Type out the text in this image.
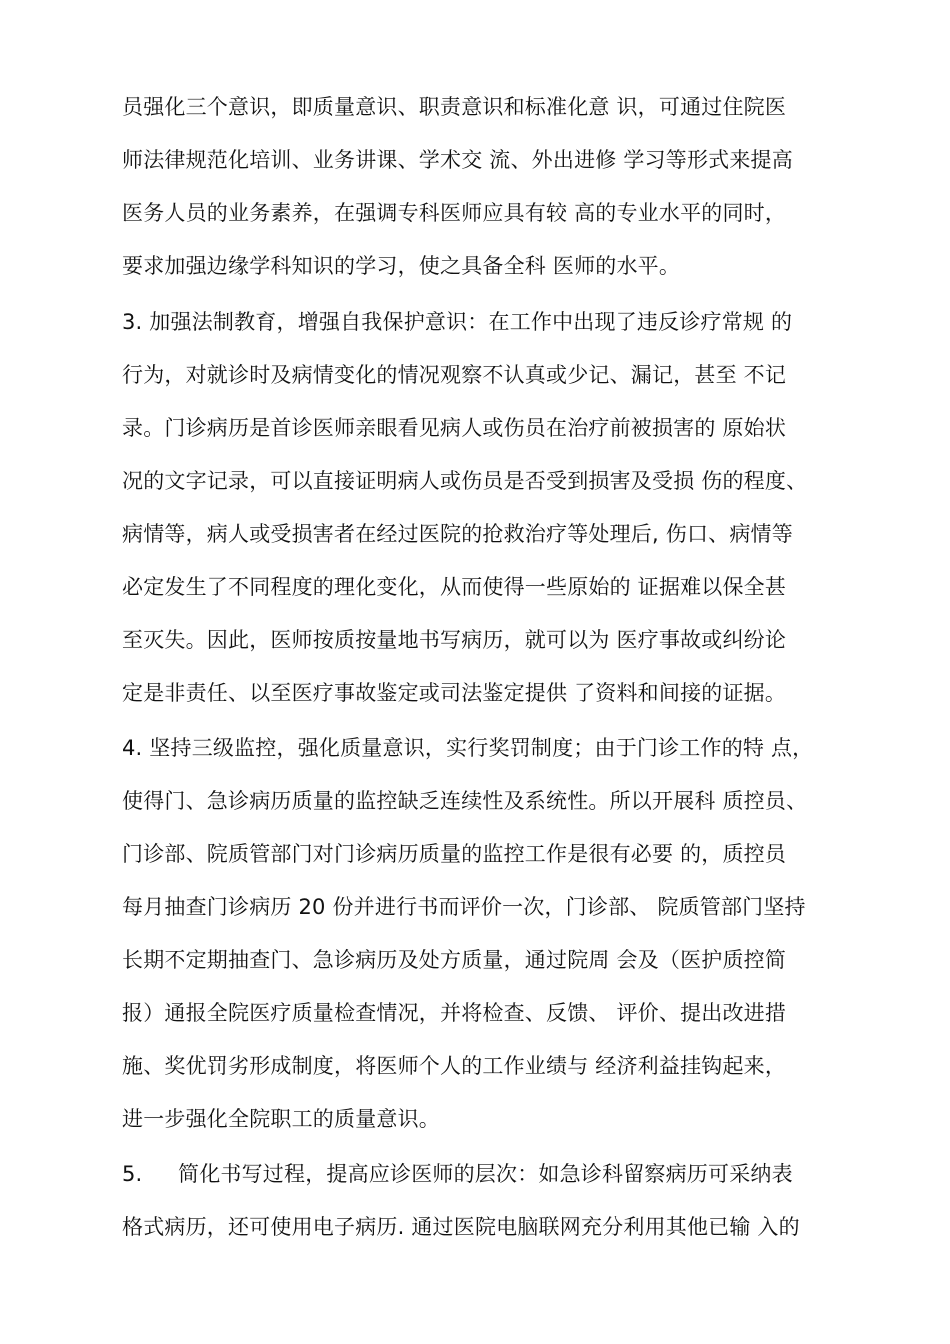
员强化三个意识，即质量意识、职责意识和标准化意 识，可通过住院医
师法律规范化培训、业务讲课、学术交 流、外出进修 学习等形式来提高
医务人员的业务素养，在强调专科医师应具有较 高的专业水平的同时，
要求加强边缘学科知识的学习，使之具备全科 医师的水平。
3. 加强法制教育，增强自我保护意识：在工作中出现了违反诊疗常规 的
行为，对就诊时及病情变化的情况观察不认真或少记、漏记，甚至 不记
录。门诊病历是首诊医师亲眼看见病人或伤员在治疗前被损害的 原始状
况的文字记录，可以直接证明病人或伤员是否受到损害及受损 伤的程度、
病情等，病人或受损害者在经过医院的抢救治疗等处理后, 伤口、病情等
必定发生了不同程度的理化变化，从而使得一些原始的 证据难以保全甚
至灭失。因此，医师按质按量地书写病历，就可以为 医疗事故或纠纷论
定是非责任、以至医疗事故鉴定或司法鉴定提供 了资料和间接的证据。
4. 坚持三级监控，强化质量意识，实行奖罚制度；由于门诊工作的特 点，
使得门、急诊病历质量的监控缺乏连续性及系统性。所以开展科 质控员、
门诊部、院质管部门对门诊病历质量的监控工作是很有必要 的，质控员
每月抽查门诊病历 20 份并进行书而评价一次，门诊部、 院质管部门坚持
长期不定期抽查门、急诊病历及处方质量，通过院周 会及（医护质控简
报）通报全院医疗质量检查情况，并将检查、反馈、 评价、提出改进措
施、奖优罚劣形成制度，将医师个人的工作业绩与 经济利益挂钩起来，
进一步强化全院职工的质量意识。
5. 简化书写过程，提高应诊医师的层次：如急诊科留察病历可采纳表
格式病历，还可使用电子病历. 通过医院电脑联网充分利用其他已输 入的
